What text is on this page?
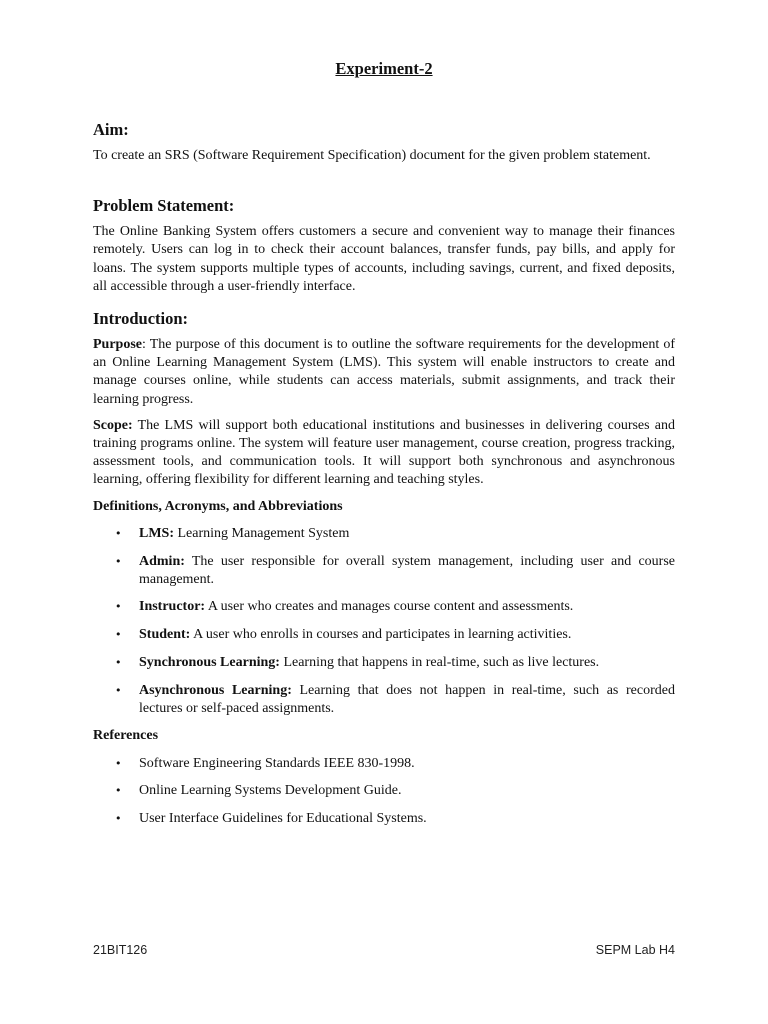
Experiment-2
Aim:

To create an SRS (Software Requirement Specification) document for the given problem statement.

Problem Statement:

The Online Banking System offers customers a secure and convenient way to manage their finances remotely. Users can log in to check their account balances, transfer funds, pay bills, and apply for loans. The system supports multiple types of accounts, including savings, current, and fixed deposits, all accessible through a user-friendly interface.

Introduction:

Purpose: The purpose of this document is to outline the software requirements for the development of an Online Learning Management System (LMS). This system will enable instructors to create and manage courses online, while students can access materials, submit assignments, and track their learning progress.

Scope: The LMS will support both educational institutions and businesses in delivering courses and training programs online. The system will feature user management, course creation, progress tracking, assessment tools, and communication tools. It will support both synchronous and asynchronous learning, offering flexibility for different learning and teaching styles.

Definitions, Acronyms, and Abbreviations
• LMS: Learning Management System
• Admin: The user responsible for overall system management, including user and course management.
• Instructor: A user who creates and manages course content and assessments.
• Student: A user who enrolls in courses and participates in learning activities.
• Synchronous Learning: Learning that happens in real-time, such as live lectures.
• Asynchronous Learning: Learning that does not happen in real-time, such as recorded lectures or self-paced assignments.
References
• Software Engineering Standards IEEE 830-1998.
• Online Learning Systems Development Guide.
• User Interface Guidelines for Educational Systems.
21BIT126	SEPM Lab H4
